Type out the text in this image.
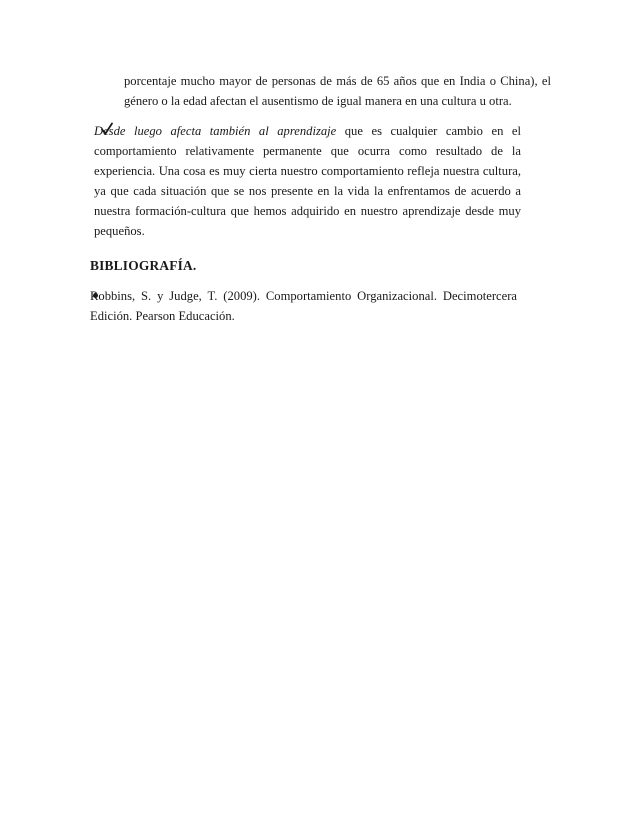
porcentaje mucho mayor de personas de más de 65 años que en India o China), el género o la edad afectan el ausentismo de igual manera en una cultura u otra.

Desde luego afecta también al aprendizaje que es cualquier cambio en el comportamiento relativamente permanente que ocurra como resultado de la experiencia. Una cosa es muy cierta nuestro comportamiento refleja nuestra cultura, ya que cada situación que se nos presente en la vida la enfrentamos de acuerdo a nuestra formación-cultura que hemos adquirido en nuestro aprendizaje desde muy pequeños.

BIBLIOGRAFÍA.

Robbins, S. y Judge, T. (2009). Comportamiento Organizacional. Decimotercera Edición. Pearson Educación.
